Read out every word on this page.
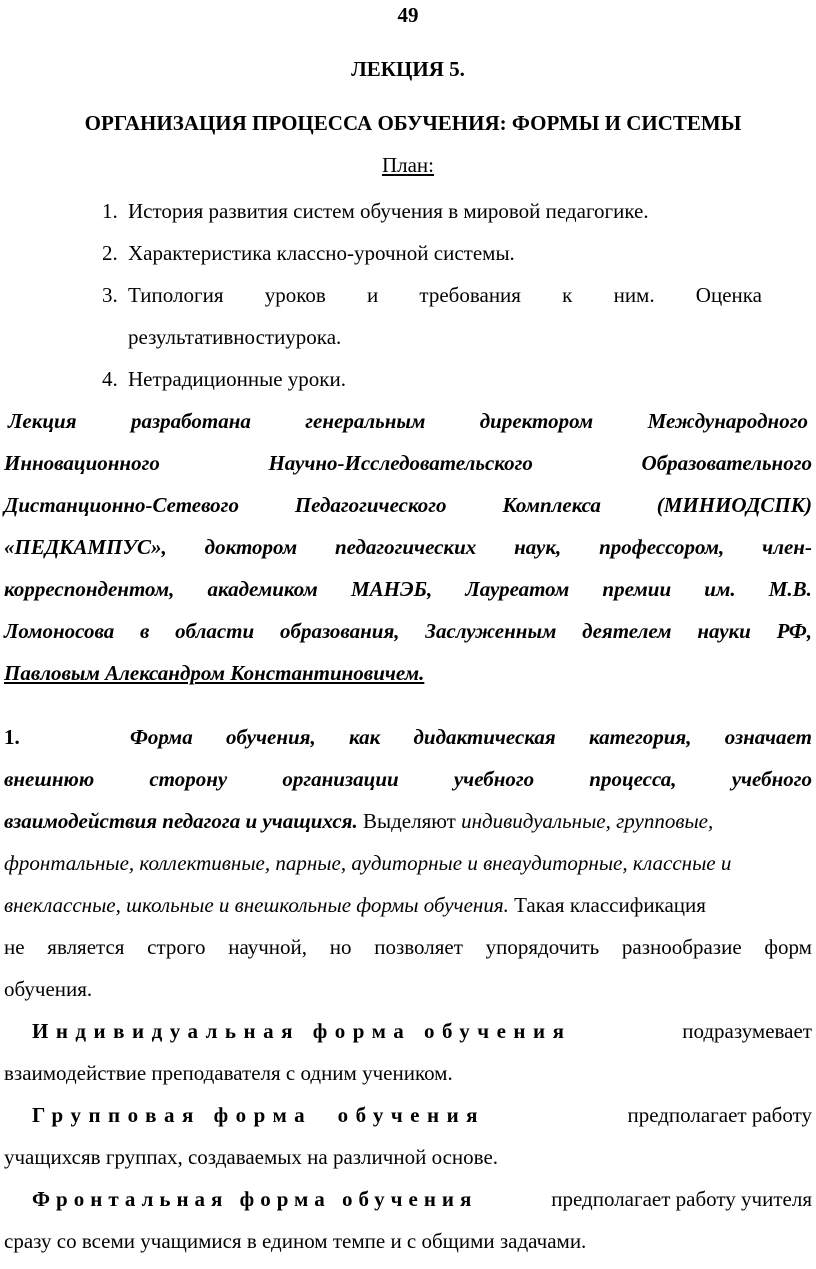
49
ЛЕКЦИЯ 5.
ОРГАНИЗАЦИЯ ПРОЦЕССА ОБУЧЕНИЯ: ФОРМЫ И СИСТЕМЫ
План:
1. История развития систем обучения в мировой педагогике.
2. Характеристика классно-урочной системы.
3. Типология уроков и требования к ним. Оценка
результативностиурока.
4. Нетрадиционные уроки.
Лекция	разработана	генеральным	директором	Международного
Инновационного	Научно-Исследовательского	Образовательного
Дистанционно-Сетевого	Педагогического	Комплекса	(МИНИОДСПК)
«ПЕДКАМПУС», доктором педагогических наук, профессором, член-
корреспондентом, академиком МАНЭБ, Лауреатом премии им. М.В.
Ломоносова в области образования, Заслуженным деятелем науки РФ,
Павловым Александром Константиновичем.
1.	Форма обучения, как дидактическая категория, означает
внешнюю	сторону	организации	учебного	процесса,	учебного
взаимодействия педагога и учащихся. Выделяют индивидуальные, групповые,
фронтальные, коллективные, парные, аудиторные и внеаудиторные, классные и
внеклассные, школьные и внешкольные формы обучения. Такая классификация
не является строго научной, но позволяет упорядочить разнообразие форм
обучения.
Индивидуальная форма обучения	подразумевает
взаимодействие преподавателя с одним учеником.
Групповая форма  обучения	предполагает работу
учащихсяв группах, создаваемых на различной основе.
Фронтальная форма обучения	предполагает работу учителя
сразу со всеми учащимися в едином темпе и с общими задачами.
